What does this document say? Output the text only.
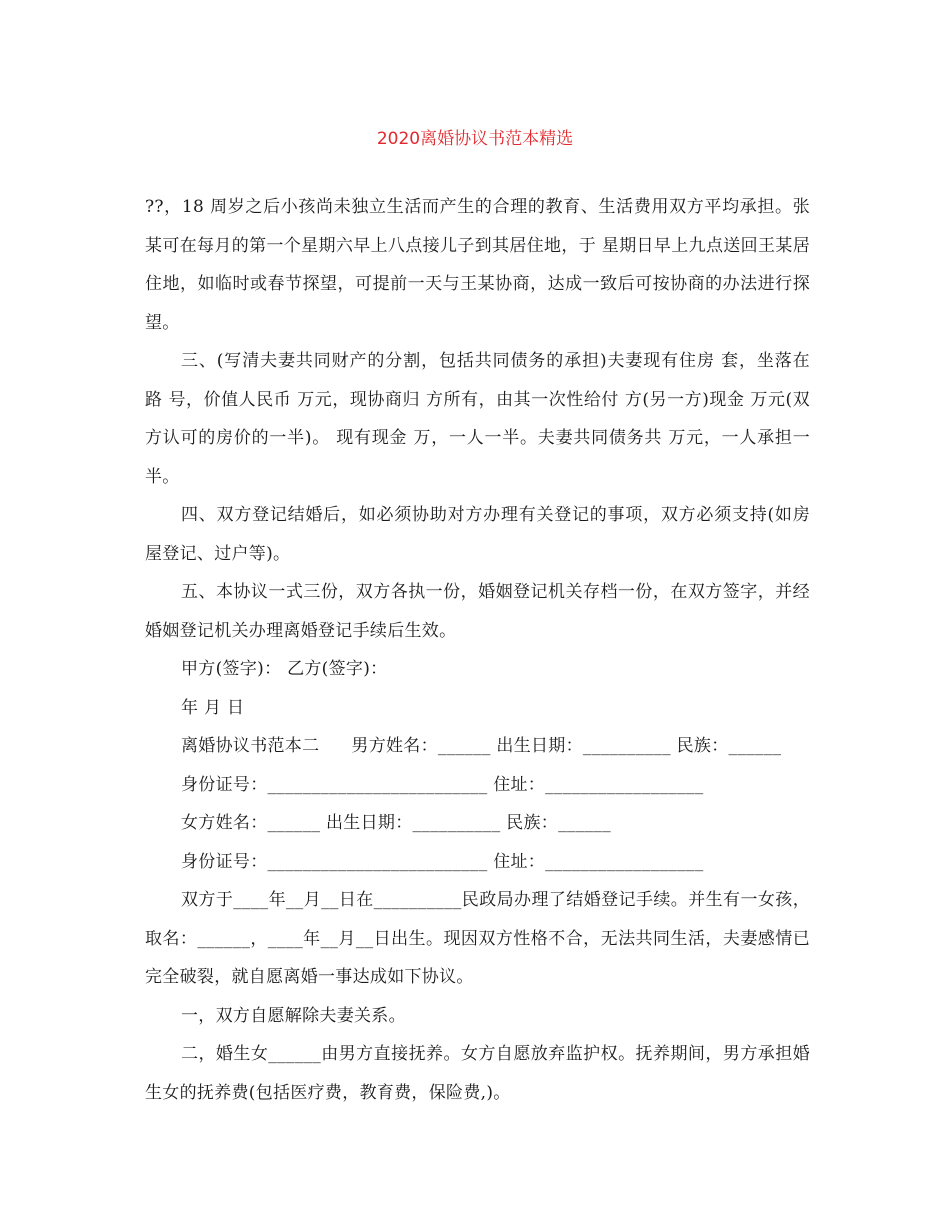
2020离婚协议书范本精选

??，18 周岁之后小孩尚未独立生活而产生的合理的教育、生活费用双方平均承担。张某可在每月的第一个星期六早上八点接儿子到其居住地，于 星期日早上九点送回王某居住地，如临时或春节探望，可提前一天与王某协商，达成一致后可按协商的办法进行探望。

三、(写清夫妻共同财产的分割，包括共同债务的承担)夫妻现有住房 套，坐落在 路 号，价值人民币 万元，现协商归 方所有，由其一次性给付 方(另一方)现金 万元(双方认可的房价的一半)。 现有现金 万，一人一半。夫妻共同债务共 万元，一人承担一半。

四、双方登记结婚后，如必须协助对方办理有关登记的事项，双方必须支持(如房屋登记、过户等)。

五、本协议一式三份，双方各执一份，婚姻登记机关存档一份，在双方签字，并经婚姻登记机关办理离婚登记手续后生效。

甲方(签字)： 乙方(签字)：

年 月 日

离婚协议书范本二 男方姓名：______ 出生日期：__________ 民族：______

身份证号：_________________________ 住址：__________________

女方姓名：______ 出生日期：__________ 民族：______

身份证号：_________________________ 住址：__________________

双方于____年__月__日在__________民政局办理了结婚登记手续。并生有一女孩，取名：______，____年__月__日出生。现因双方性格不合，无法共同生活，夫妻感情已完全破裂，就自愿离婚一事达成如下协议。

一，双方自愿解除夫妻关系。

二，婚生女______由男方直接抚养。女方自愿放弃监护权。抚养期间，男方承担婚生女的抚养费(包括医疗费，教育费，保险费,)。
